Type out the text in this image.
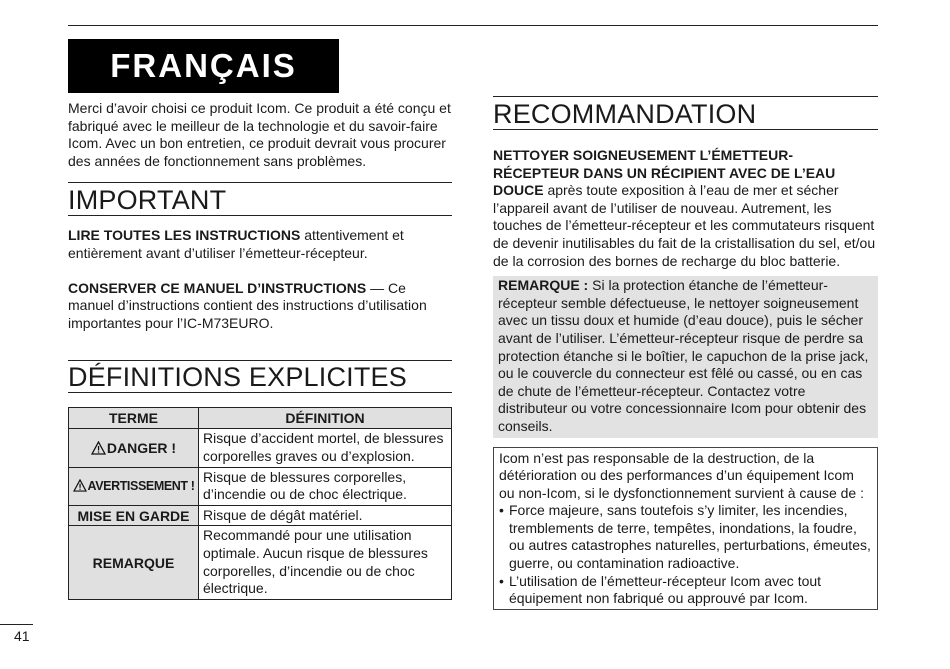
FRANÇAIS

Merci d’avoir choisi ce produit Icom. Ce produit a été conçu et fabriqué avec le meilleur de la technologie et du savoir-faire Icom. Avec un bon entretien, ce produit devrait vous procurer des années de fonctionnement sans problèmes.

IMPORTANT

LIRE TOUTES LES INSTRUCTIONS attentivement et entièrement avant d’utiliser l’émetteur-récepteur.

CONSERVER CE MANUEL D’INSTRUCTIONS — Ce manuel d’instructions contient des instructions d’utilisation importantes pour l’IC-M73EURO.

DÉFINITIONS EXPLICITES
TERME	DÉFINITION
DANGER !	Risque d’accident mortel, de blessures corporelles graves ou d’explosion.
AVERTISSEMENT !	Risque de blessures corporelles, d’incendie ou de choc électrique.
MISE EN GARDE	Risque de dégât matériel.
REMARQUE	Recommandé pour une utilisation optimale. Aucun risque de blessures corporelles, d’incendie ou de choc électrique.
RECOMMANDATION

NETTOYER SOIGNEUSEMENT L’ÉMETTEUR-RÉCEPTEUR DANS UN RÉCIPIENT AVEC DE L’EAU DOUCE après toute exposition à l’eau de mer et sécher l’appareil avant de l’utiliser de nouveau. Autrement, les touches de l’émetteur-récepteur et les commutateurs risquent de devenir inutilisables du fait de la cristallisation du sel, et/ou de la corrosion des bornes de recharge du bloc batterie.

REMARQUE : Si la protection étanche de l’émetteur-récepteur semble défectueuse, le nettoyer soigneusement avec un tissu doux et humide (d’eau douce), puis le sécher avant de l’utiliser. L’émetteur-récepteur risque de perdre sa protection étanche si le boîtier, le capuchon de la prise jack, ou le couvercle du connecteur est fêlé ou cassé, ou en cas de chute de l’émetteur-récepteur. Contactez votre distributeur ou votre concessionnaire Icom pour obtenir des conseils.

Icom n’est pas responsable de la destruction, de la détérioration ou des performances d’un équipement Icom ou non-Icom, si le dysfonctionnement survient à cause de :

• Force majeure, sans toutefois s’y limiter, les incendies, tremblements de terre, tempêtes, inondations, la foudre, ou autres catastrophes naturelles, perturbations, émeutes, guerre, ou contamination radioactive.
• L’utilisation de l’émetteur-récepteur Icom avec tout équipement non fabriqué ou approuvé par Icom.
41
